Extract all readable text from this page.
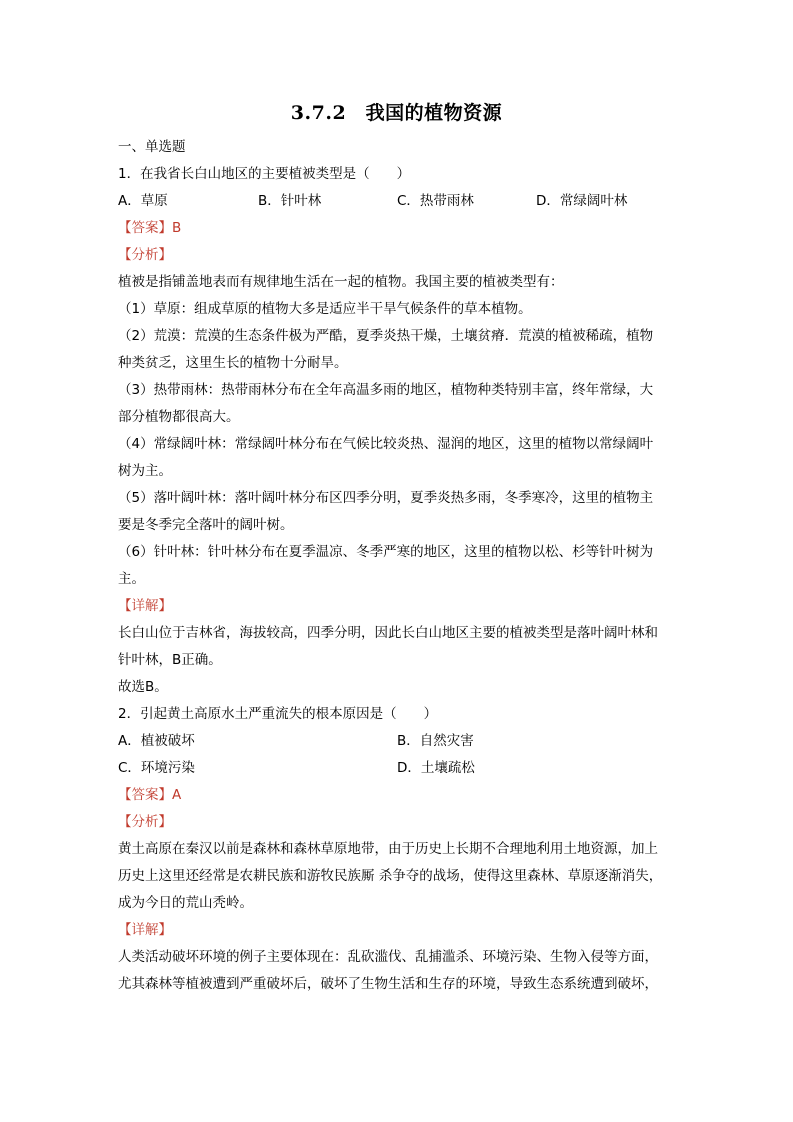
3.7.2　我国的植物资源
一、单选题
1．在我省长白山地区的主要植被类型是（　　）
A．草原	B．针叶林	C．热带雨林	D．常绿阔叶林
【答案】B
【分析】
植被是指铺盖地表而有规律地生活在一起的植物。我国主要的植被类型有：
（1）草原：组成草原的植物大多是适应半干旱气候条件的草本植物。
（2）荒漠：荒漠的生态条件极为严酷，夏季炎热干燥，土壤贫瘠．荒漠的植被稀疏，植物
种类贫乏，这里生长的植物十分耐旱。
（3）热带雨林：热带雨林分布在全年高温多雨的地区，植物种类特别丰富，终年常绿，大
部分植物都很高大。
（4）常绿阔叶林：常绿阔叶林分布在气候比较炎热、湿润的地区，这里的植物以常绿阔叶
树为主。
（5）落叶阔叶林：落叶阔叶林分布区四季分明，夏季炎热多雨，冬季寒冷，这里的植物主
要是冬季完全落叶的阔叶树。
（6）针叶林：针叶林分布在夏季温凉、冬季严寒的地区，这里的植物以松、杉等针叶树为
主。
【详解】
长白山位于吉林省，海拔较高，四季分明，因此长白山地区主要的植被类型是落叶阔叶林和
针叶林，B正确。
故选B。
2．引起黄土高原水土严重流失的根本原因是（　　）
A．植被破坏	B．自然灾害
C．环境污染	D．土壤疏松
【答案】A
【分析】
黄土高原在秦汉以前是森林和森林草原地带，由于历史上长期不合理地利用土地资源，加上
历史上这里还经常是农耕民族和游牧民族厮 杀争夺的战场，使得这里森林、草原逐渐消失，
成为今日的荒山秃岭。
【详解】
人类活动破坏环境的例子主要体现在：乱砍滥伐、乱捕滥杀、环境污染、生物入侵等方面，
尤其森林等植被遭到严重破坏后，破坏了生物生活和生存的环境，导致生态系统遭到破坏，
